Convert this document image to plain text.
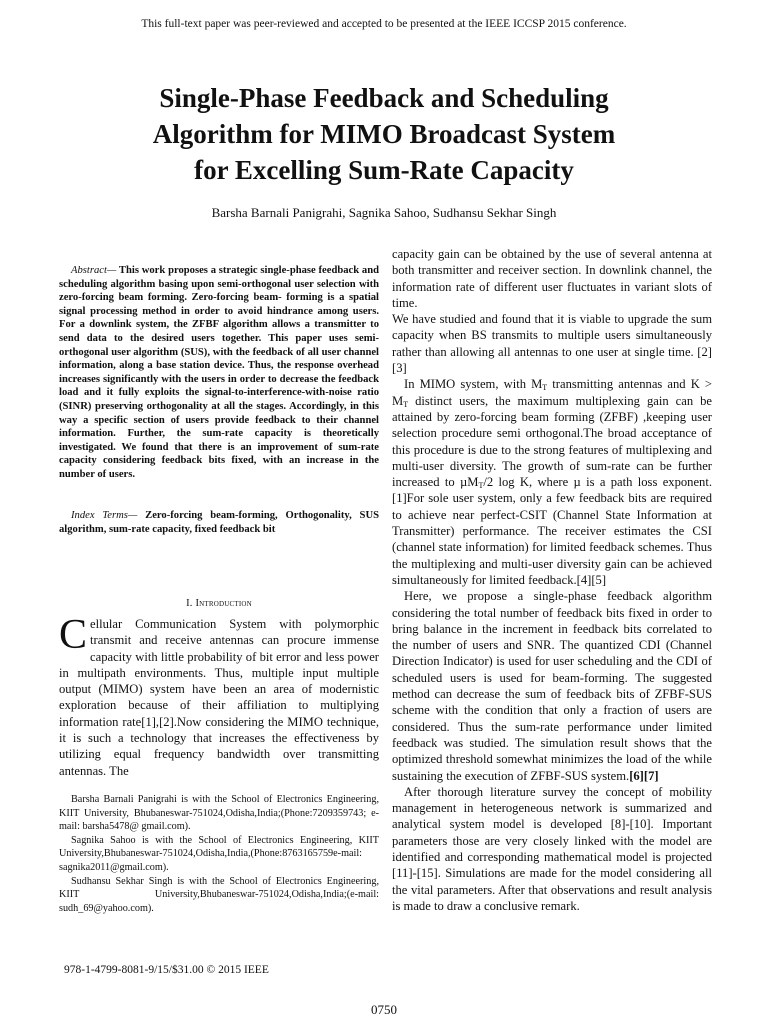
This full-text paper was peer-reviewed and accepted to be presented at the IEEE ICCSP 2015 conference.
Single-Phase Feedback and Scheduling
Algorithm for MIMO Broadcast System
for Excelling Sum-Rate Capacity
Barsha Barnali Panigrahi, Sagnika Sahoo, Sudhansu Sekhar Singh
Abstract— This work proposes a strategic single-phase feedback and scheduling algorithm basing upon semi-orthogonal user selection with zero-forcing beam forming. Zero-forcing beam- forming is a spatial signal processing method in order to avoid hindrance among users. For a downlink system, the ZFBF algorithm allows a transmitter to send data to the desired users together. This paper uses semi-orthogonal user algorithm (SUS), with the feedback of all user channel information, along a base station device. Thus, the response overhead increases significantly with the users in order to decrease the feedback load and it fully exploits the signal-to-interference-with-noise ratio (SINR) preserving orthogonality at all the stages. Accordingly, in this way a specific section of users provide feedback to their channel information. Further, the sum-rate capacity is theoretically investigated. We found that there is an improvement of sum-rate capacity considering feedback bits fixed, with an increase in the number of users.
Index Terms— Zero-forcing beam-forming, Orthogonality, SUS algorithm, sum-rate capacity, fixed feedback bit
I. Introduction
Cellular Communication System with polymorphic transmit and receive antennas can procure immense capacity with little probability of bit error and less power in multipath environments. Thus, multiple input multiple output (MIMO) system have been an area of modernistic exploration because of their affiliation to multiplying information rate[1],[2].Now considering the MIMO technique, it is such a technology that increases the effectiveness by utilizing equal frequency bandwidth over transmitting antennas. The

Barsha Barnali Panigrahi is with the School of Electronics Engineering, KIIT University, Bhubaneswar-751024,Odisha,India;(Phone:7209359743; e-mail: barsha5478@ gmail.com).

Sagnika Sahoo is with the School of Electronics Engineering, KIIT University,Bhubaneswar-751024,Odisha,India,(Phone:8763165759e-mail: sagnika2011@gmail.com).

Sudhansu Sekhar Singh is with the School of Electronics Engineering, KIIT University,Bhubaneswar-751024,Odisha,India;(e-mail: sudh_69@yahoo.com).

978-1-4799-8081-9/15/$31.00 © 2015 IEEE
0750

capacity gain can be obtained by the use of several antenna at both transmitter and receiver section. In downlink channel, the information rate of different user fluctuates in variant slots of time.

We have studied and found that it is viable to upgrade the sum capacity when BS transmits to multiple users simultaneously rather than allowing all antennas to one user at single time. [2][3]

In MIMO system, with $M_T$ transmitting antennas and $K > M_T$ distinct users, the maximum multiplexing gain can be attained by zero-forcing beam forming (ZFBF) ,keeping user selection procedure semi orthogonal.The broad acceptance of this procedure is due to the strong features of multiplexing and multi-user diversity. The growth of sum-rate can be further increased to µM$_T$/2 log K, where µ is a path loss exponent.[1]For sole user system, only a few feedback bits are required to achieve near perfect-CSIT (Channel State Information at Transmitter) performance. The receiver estimates the CSI (channel state information) for limited feedback schemes. Thus the multiplexing and multi-user diversity gain can be achieved simultaneously for limited feedback.[4][5]

Here, we propose a single-phase feedback algorithm considering the total number of feedback bits fixed in order to bring balance in the increment in feedback bits correlated to the number of users and SNR. The quantized CDI (Channel Direction Indicator) is used for user scheduling and the CDI of scheduled users is used for beam-forming. The suggested method can decrease the sum of feedback bits of ZFBF-SUS scheme with the condition that only a fraction of users are considered. Thus the sum-rate performance under limited feedback was studied. The simulation result shows that the optimized threshold somewhat minimizes the load of the while sustaining the execution of ZFBF-SUS system.[6][7]

After thorough literature survey the concept of mobility management in heterogeneous network is summarized and analytical system model is developed [8]-[10]. Important parameters those are very closely linked with the model are identified and corresponding mathematical model is projected [11]-[15]. Simulations are made for the model considering all the vital parameters. After that observations and result analysis is made to draw a conclusive remark.
